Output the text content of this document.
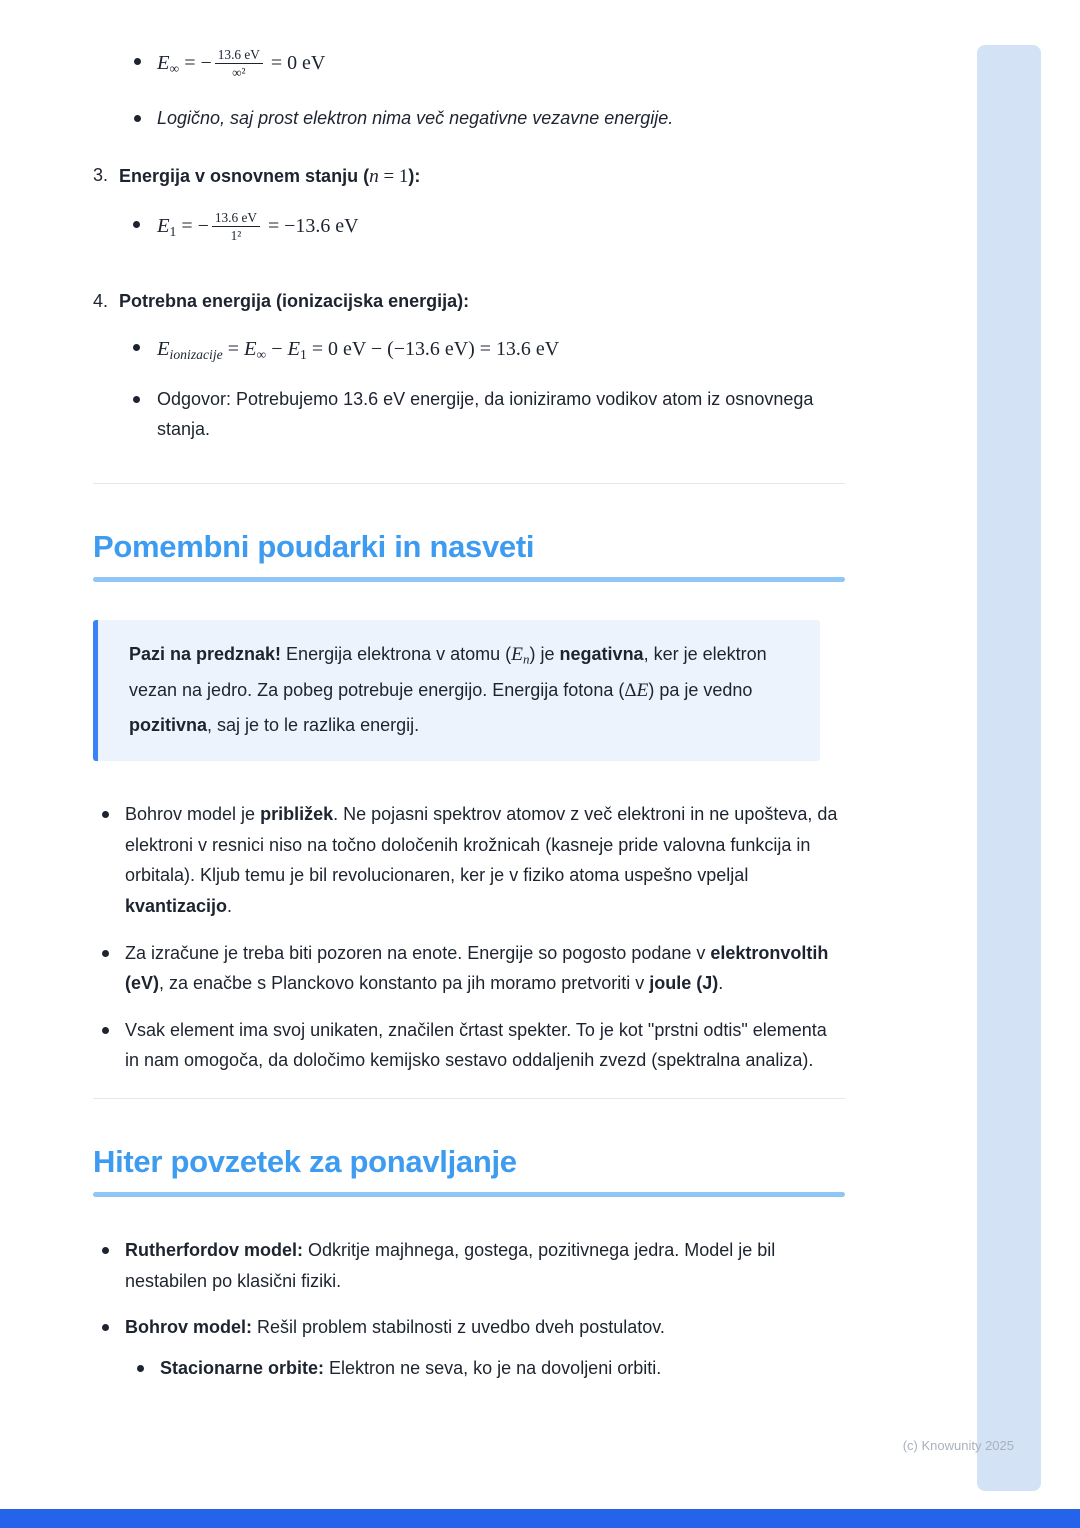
$E_\infty$ = − $\frac{13.6 eV}{\text{∞²}} = 0$ eV
Logično, saj prost elektron nima več negativne vezavne energije.
3. Energija v osnovnem stanju (n = 1):
$E_1$ = − $\frac{13.6 eV}{\text{1²}} = -13.6$ eV
4. Potrebna energija (ionizacijska energija):
$E_{ionizacije} = E_\infty - E_1 = 0$ eV − (−13.6 eV) = 13.6 eV
Odgovor: Potrebujemo 13.6 eV energije, da ioniziramo vodikov atom iz osnovnega stanja.
Pomembni poudarki in nasveti

Pazi na predznak! Energija elektrona v atomu $(E_n)$ je negativna, ker je elektron vezan na jedro. Za pobeg potrebuje energijo. Energija fotona (ΔE) pa je vedno pozitivna, saj je to le razlika energij.

Bohrov model je približek. Ne pojasni spektrov atomov z več elektroni in ne upošteva, da elektroni v resnici niso na točno določenih krožnicah (kasneje pride valovna funkcija in orbitala). Kljub temu je bil revolucionaren, ker je v fiziko atoma uspešno vpeljal kvantizacijo.
Za izračune je treba biti pozoren na enote. Energije so pogosto podane v elektronvoltih (eV), za enačbe s Planckovo konstanto pa jih moramo pretvoriti v joule (J).
Vsak element ima svoj unikaten, značilen črtast spekter. To je kot "prstni odtis" elementa in nam omogoča, da določimo kemijsko sestavo oddaljenih zvezd (spektralna analiza).
Hiter povzetek za ponavljanje
Rutherfordov model: Odkritje majhnega, gostega, pozitivnega jedra. Model je bil nestabilen po klasični fiziki.
Bohrov model: Rešil problem stabilnosti z uvedbo dveh postulatov.
Stacionarne orbite: Elektron ne seva, ko je na dovoljeni orbiti.
(c) Knowunity 2025
